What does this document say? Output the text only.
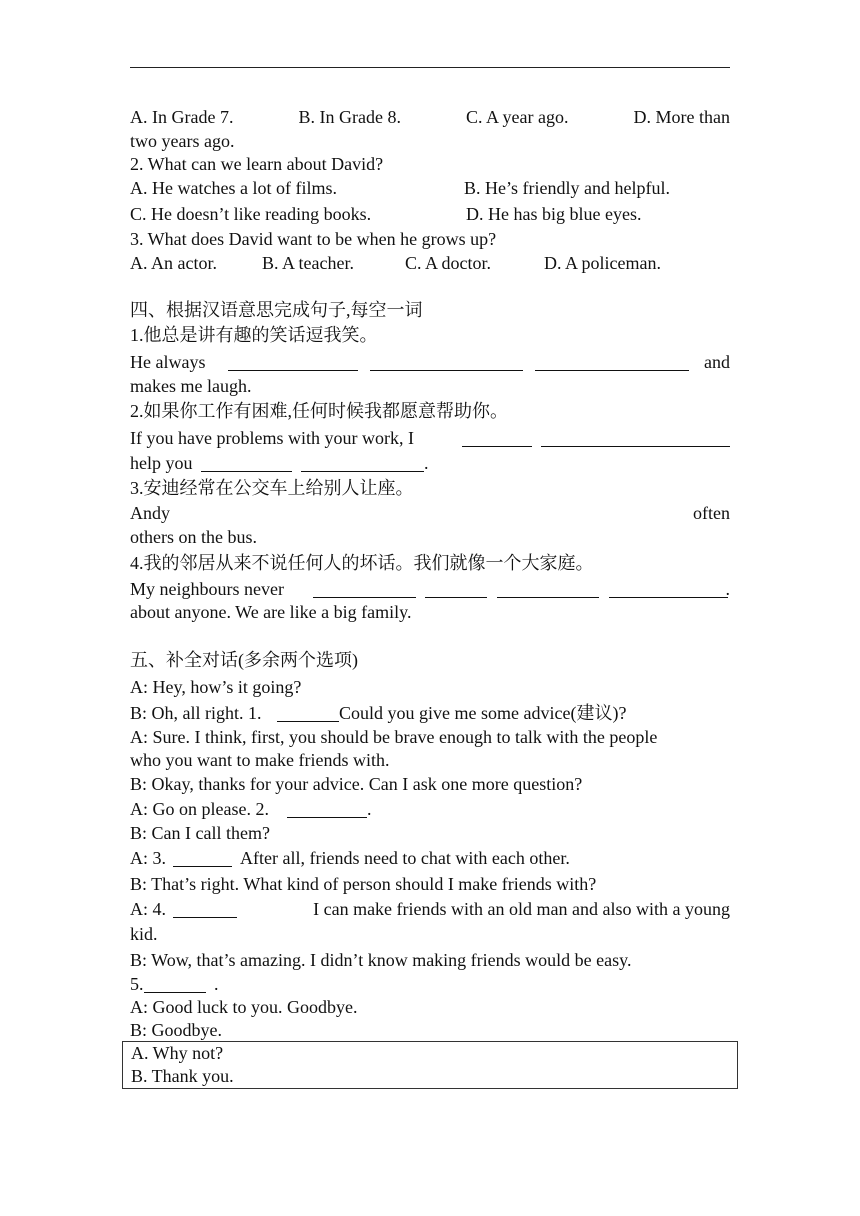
A. In Grade 7.	B. In Grade 8.	C. A year ago.	D. More than
two years ago.
2. What can we learn about David?

A. He watches a lot of films.

	B. He’s friendly and helpful.

C. He doesn’t like reading books.

	D. He has big blue eyes.

3. What does David want to be when he grows up?

A. An actor.

	B. A teacher.

	C. A doctor.

	D. A policeman.

四、根据汉语意思完成句子,每空一词
1.他总是讲有趣的笑话逗我笑。

He always

	and

makes me laugh.
2.如果你工作有困难,任何时候我都愿意帮助你。

If you have problems with your work, I

help you

	.

3.安迪经常在公交车上给别人让座。
Andy	often
others on the bus.
4.我的邻居从来不说任何人的坏话。我们就像一个大家庭。

My neighbours never

	.

about anyone. We are like a big family.
五、补全对话(多余两个选项)
A: Hey, how’s it going?

B: Oh, all right. 1.

	Could you give me some advice(建议)?

A: Sure. I think, first, you should be brave enough to talk with the people
who you want to make friends with.
B: Okay, thanks for your advice. Can I ask one more question?

A: Go on please. 2.

	.

B: Can I call them?

A: 3.

	After all, friends need to chat with each other.

B: That’s right. What kind of person should I make friends with?

A: 4.

	I can make friends with an old man and also with a young

kid.
B: Wow, that’s amazing. I didn’t know making friends would be easy.

5.

	.

A: Good luck to you. Goodbye.
B: Goodbye.
A. Why not?
B. Thank you.
